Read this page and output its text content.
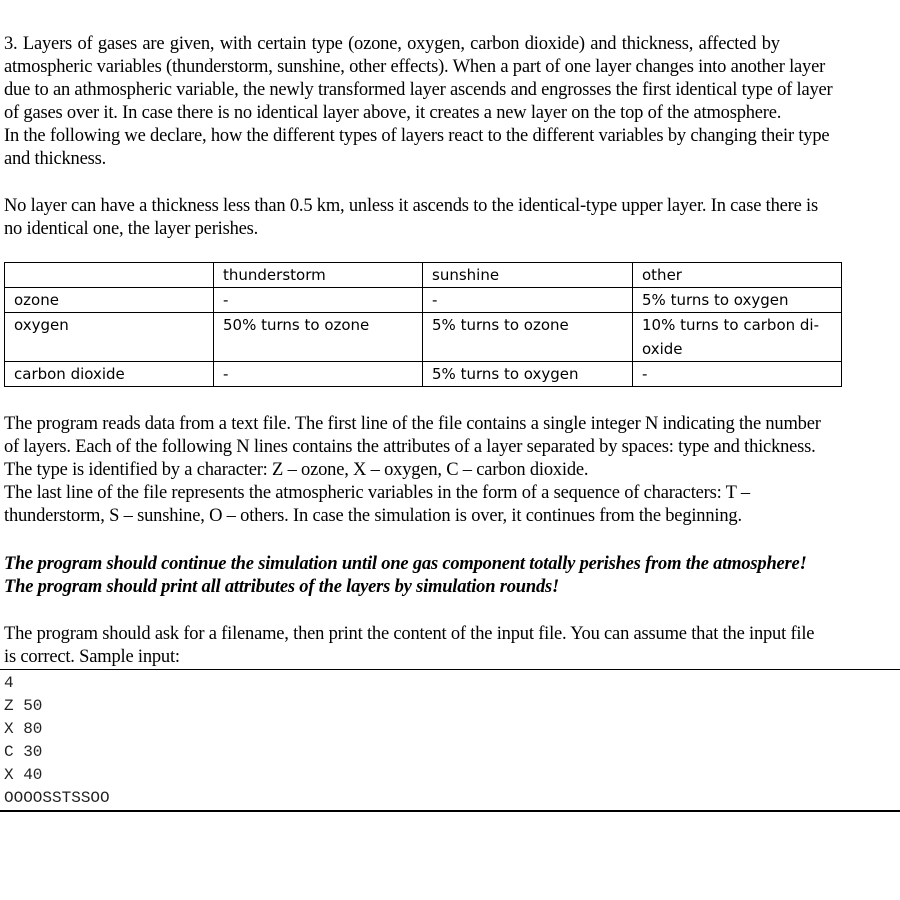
3. Layers of gases are given, with certain type (ozone, oxygen, carbon dioxide) and thickness, affected by
atmospheric variables (thunderstorm, sunshine, other effects). When a part of one layer changes into another layer
due to an athmospheric variable, the newly transformed layer ascends and engrosses the first identical type of layer
of gases over it. In case there is no identical layer above, it creates a new layer on the top of the atmosphere.
In the following we declare, how the different types of layers react to the different variables by changing their type
and thickness.
No layer can have a thickness less than 0.5 km, unless it ascends to the identical-type upper layer. In case there is
no identical one, the layer perishes.
	thunderstorm	sunshine	other
ozone	-	-	5% turns to oxygen
oxygen	50% turns to ozone	5% turns to ozone	10% turns to carbon di-
oxide

carbon dioxide	-	5% turns to oxygen	-
The program reads data from a text file. The first line of the file contains a single integer N indicating the number
of layers. Each of the following N lines contains the attributes of a layer separated by spaces: type and thickness.
The type is identified by a character: Z – ozone, X – oxygen, C – carbon dioxide.
The last line of the file represents the atmospheric variables in the form of a sequence of characters: T –
thunderstorm, S – sunshine, O – others. In case the simulation is over, it continues from the beginning.
The program should continue the simulation until one gas component totally perishes from the atmosphere!
The program should print all attributes of the layers by simulation rounds!
The program should ask for a filename, then print the content of the input file. You can assume that the input file
is correct. Sample input:
4
Z 50
X 80
C 30
X 40
OOOOSSTSSOO
